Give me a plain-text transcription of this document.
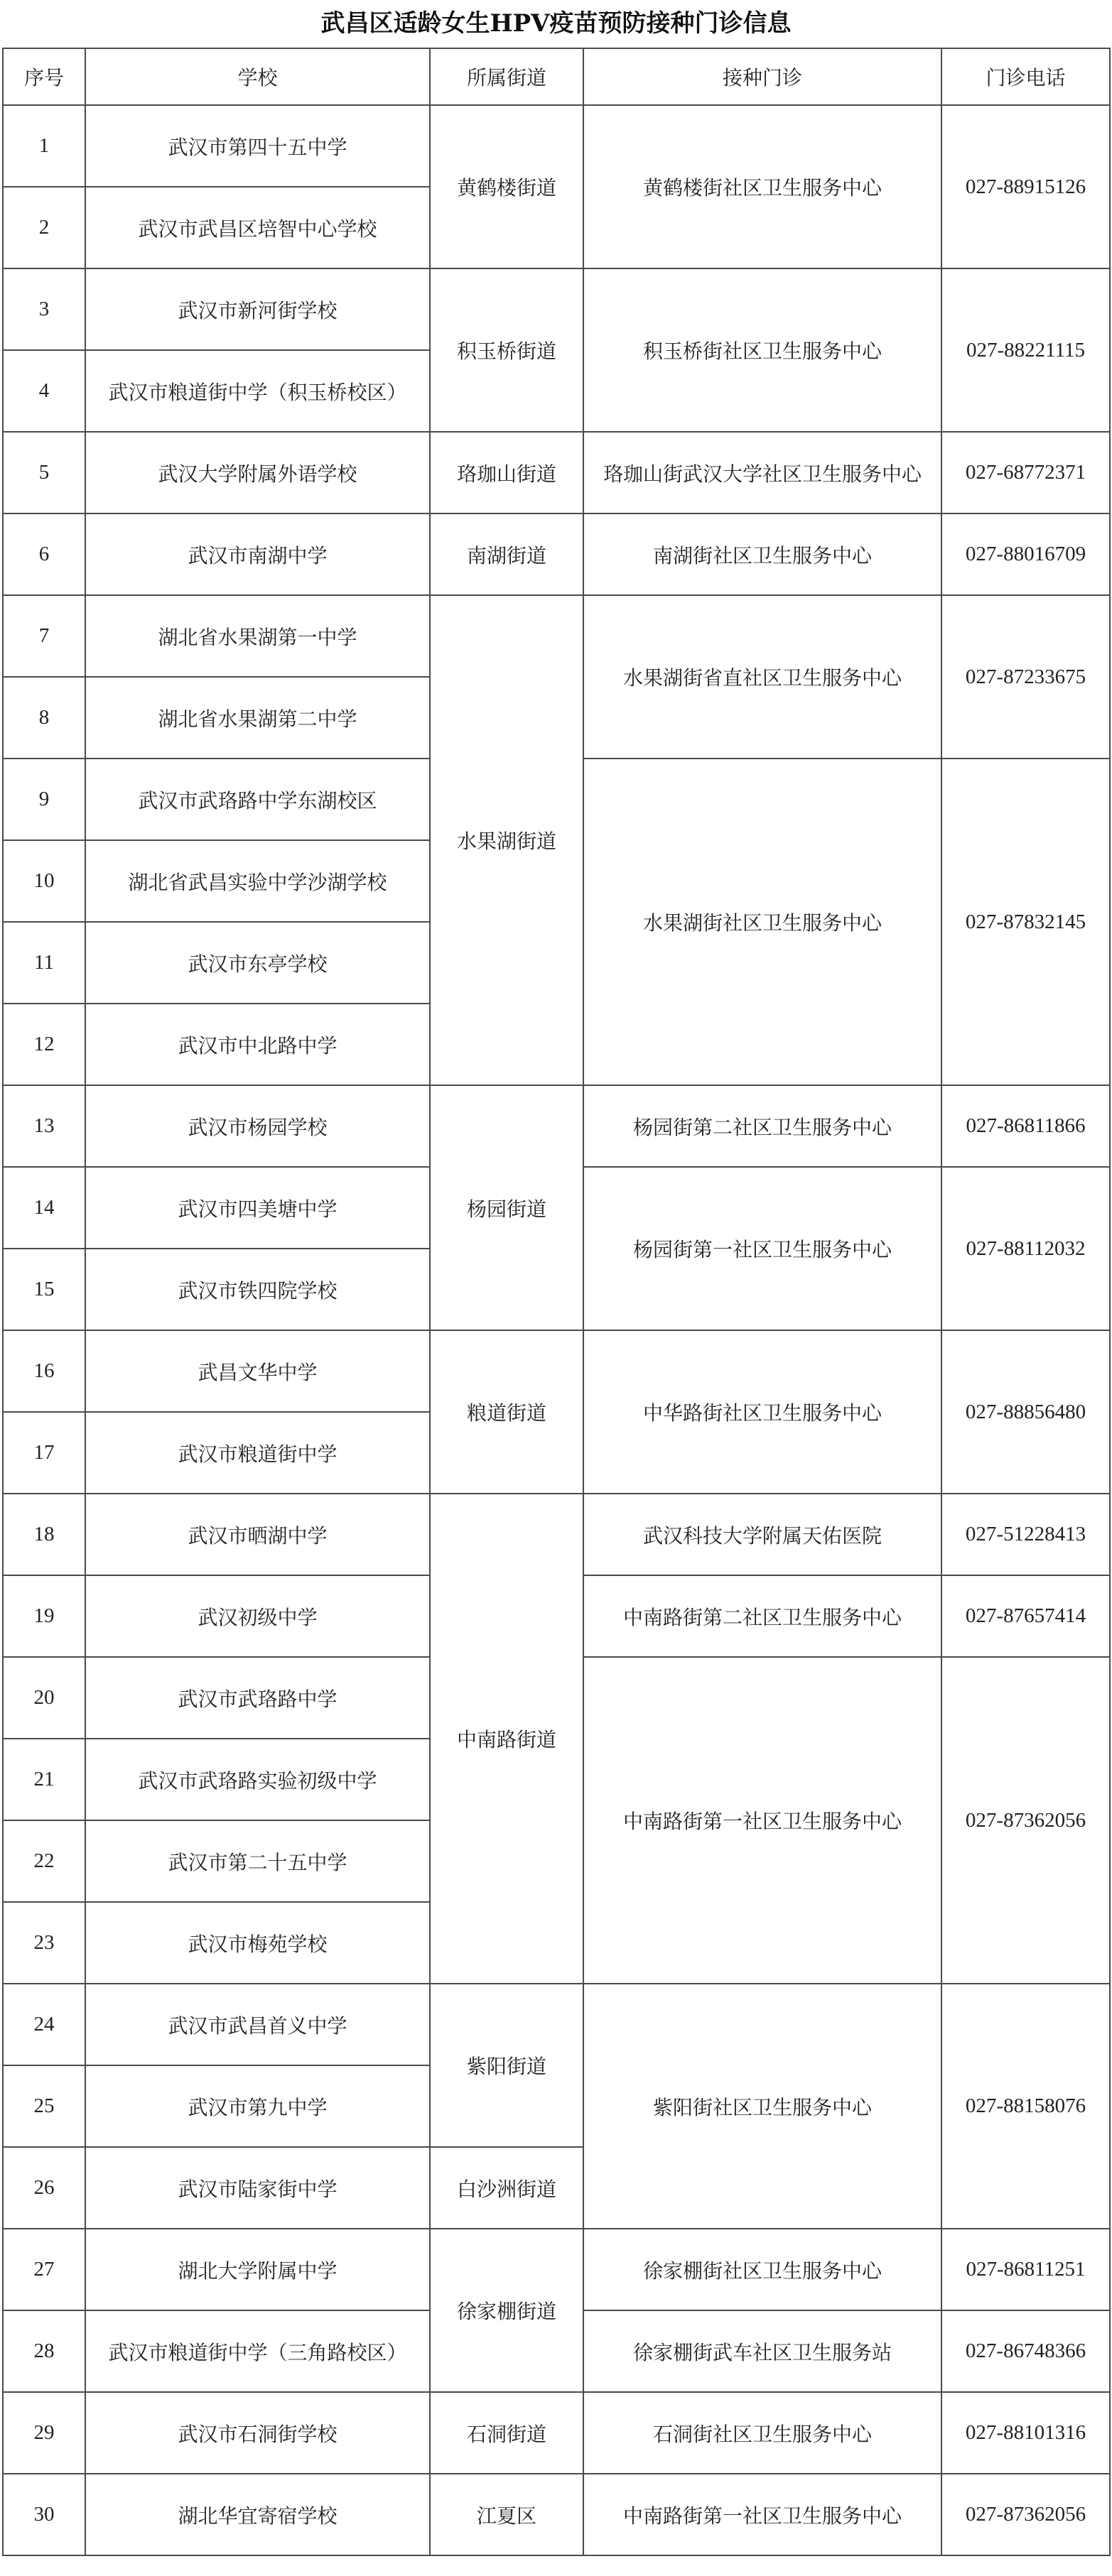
武昌区适龄女生HPV疫苗预防接种门诊信息
序号	学校	所属街道	接种门诊	门诊电话
1	武汉市第四十五中学	黄鹤楼街道	黄鹤楼街社区卫生服务中心	027-88915126
2	武汉市武昌区培智中心学校			
3	武汉市新河街学校	积玉桥街道	积玉桥街社区卫生服务中心	027-88221115
4	武汉市粮道街中学（积玉桥校区）			
5	武汉大学附属外语学校	珞珈山街道	珞珈山街武汉大学社区卫生服务中心	027-68772371
6	武汉市南湖中学	南湖街道	南湖街社区卫生服务中心	027-88016709
7	湖北省水果湖第一中学	水果湖街道	水果湖街省直社区卫生服务中心	027-87233675
8	湖北省水果湖第二中学			
9	武汉市武珞路中学东湖校区		水果湖街社区卫生服务中心	027-87832145
10	湖北省武昌实验中学沙湖学校			
11	武汉市东亭学校			
12	武汉市中北路中学			
13	武汉市杨园学校	杨园街道	杨园街第二社区卫生服务中心	027-86811866
14	武汉市四美塘中学		杨园街第一社区卫生服务中心	027-88112032
15	武汉市铁四院学校			
16	武昌文华中学	粮道街道	中华路街社区卫生服务中心	027-88856480
17	武汉市粮道街中学			
18	武汉市晒湖中学	中南路街道	武汉科技大学附属天佑医院	027-51228413
19	武汉初级中学		中南路街第二社区卫生服务中心	027-87657414
20	武汉市武珞路中学		中南路街第一社区卫生服务中心	027-87362056
21	武汉市武珞路实验初级中学			
22	武汉市第二十五中学			
23	武汉市梅苑学校			
24	武汉市武昌首义中学	紫阳街道	紫阳街社区卫生服务中心	027-88158076
25	武汉市第九中学			
26	武汉市陆家街中学	白沙洲街道		
27	湖北大学附属中学	徐家棚街道	徐家棚街社区卫生服务中心	027-86811251
28	武汉市粮道街中学（三角路校区）		徐家棚街武车社区卫生服务站	027-86748366
29	武汉市石洞街学校	石洞街道	石洞街社区卫生服务中心	027-88101316
30	湖北华宜寄宿学校	江夏区	中南路街第一社区卫生服务中心	027-87362056
